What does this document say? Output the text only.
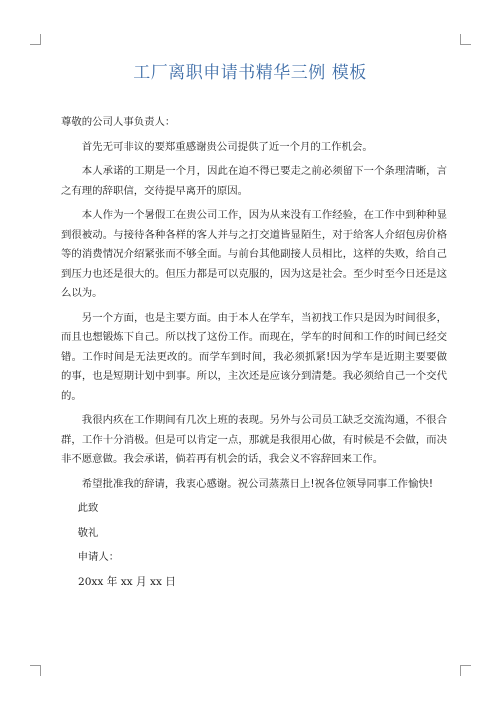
工厂离职申请书精华三例 模板

尊敬的公司人事负责人：

首先无可非议的要郑重感谢贵公司提供了近一个月的工作机会。

本人承诺的工期是一个月，因此在迫不得已要走之前必须留下一个条理清晰，言之有理的辞职信，交待提早离开的原因。

本人作为一个暑假工在贵公司工作，因为从来没有工作经验，在工作中到种种显到很被动。与接待各种各样的客人并与之打交道皆显陌生，对于给客人介绍包房价格等的消费情况介绍紧张而不够全面。与前台其他副接人员相比，这样的失败，给自己到压力也还是很大的。但压力都是可以克服的，因为这是社会。至少时至今日还是这么以为。

另一个方面，也是主要方面。由于本人在学车，当初找工作只是因为时间很多，而且也想锻炼下自己。所以找了这份工作。而现在，学车的时间和工作的时间已经交错。工作时间是无法更改的。而学车到时间，我必须抓紧!因为学车是近期主要要做的事，也是短期计划中到事。所以，主次还是应该分到清楚。我必须给自己一个交代的。

我很内疚在工作期间有几次上班的表现。另外与公司员工缺乏交流沟通，不很合群，工作十分消极。但是可以肯定一点，那就是我很用心做，有时候是不会做，而决非不愿意做。我会承诺，倘若再有机会的话，我会义不容辞回来工作。

希望批准我的辞请，我衷心感谢。祝公司蒸蒸日上!祝各位领导同事工作愉快!

此致

敬礼

申请人：

20xx 年 xx 月 xx 日
